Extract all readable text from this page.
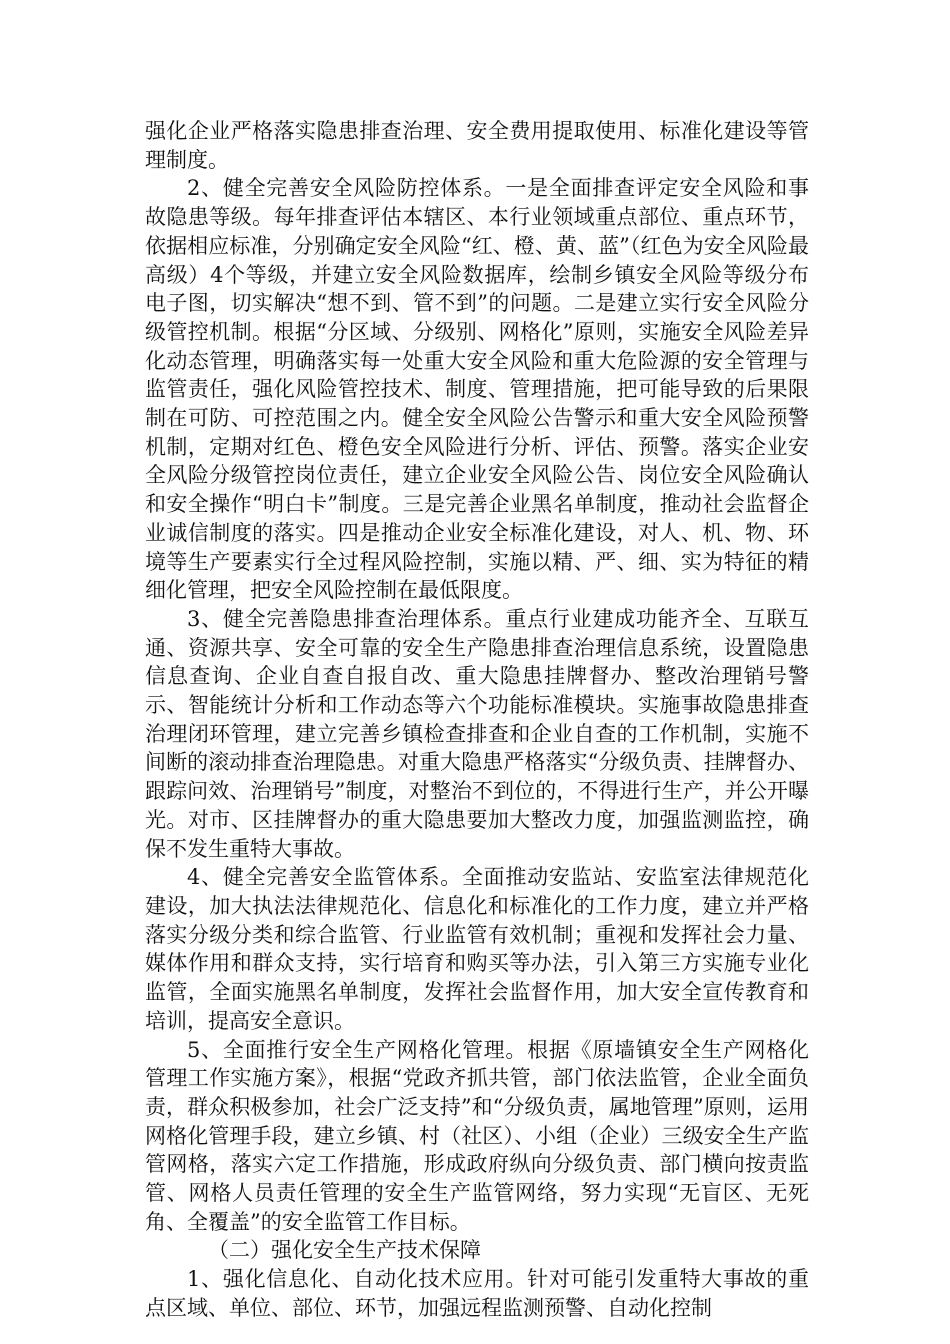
强化企业严格落实隐患排查治理、安全费用提取使用、标准化建设等管理制度。

2、健全完善安全风险防控体系。一是全面排查评定安全风险和事故隐患等级。每年排查评估本辖区、本行业领域重点部位、重点环节，依据相应标准，分别确定安全风险“红、橙、黄、蓝”（红色为安全风险最高级）4个等级，并建立安全风险数据库，绘制乡镇安全风险等级分布电子图，切实解决“想不到、管不到”的问题。二是建立实行安全风险分级管控机制。根据“分区域、分级别、网格化”原则，实施安全风险差异化动态管理，明确落实每一处重大安全风险和重大危险源的安全管理与监管责任，强化风险管控技术、制度、管理措施，把可能导致的后果限制在可防、可控范围之内。健全安全风险公告警示和重大安全风险预警机制，定期对红色、橙色安全风险进行分析、评估、预警。落实企业安全风险分级管控岗位责任，建立企业安全风险公告、岗位安全风险确认和安全操作“明白卡”制度。三是完善企业黑名单制度，推动社会监督企业诚信制度的落实。四是推动企业安全标准化建设，对人、机、物、环境等生产要素实行全过程风险控制，实施以精、严、细、实为特征的精细化管理，把安全风险控制在最低限度。

3、健全完善隐患排查治理体系。重点行业建成功能齐全、互联互通、资源共享、安全可靠的安全生产隐患排查治理信息系统，设置隐患信息查询、企业自查自报自改、重大隐患挂牌督办、整改治理销号警示、智能统计分析和工作动态等六个功能标准模块。实施事故隐患排查治理闭环管理，建立完善乡镇检查排查和企业自查的工作机制，实施不间断的滚动排查治理隐患。对重大隐患严格落实“分级负责、挂牌督办、跟踪问效、治理销号”制度，对整治不到位的，不得进行生产，并公开曝光。对市、区挂牌督办的重大隐患要加大整改力度，加强监测监控，确保不发生重特大事故。

4、健全完善安全监管体系。全面推动安监站、安监室法律规范化建设，加大执法法律规范化、信息化和标准化的工作力度，建立并严格落实分级分类和综合监管、行业监管有效机制；重视和发挥社会力量、媒体作用和群众支持，实行培育和购买等办法，引入第三方实施专业化监管，全面实施黑名单制度，发挥社会监督作用，加大安全宣传教育和培训，提高安全意识。

5、全面推行安全生产网格化管理。根据《原墙镇安全生产网格化管理工作实施方案》，根据“党政齐抓共管，部门依法监管，企业全面负责，群众积极参加，社会广泛支持”和“分级负责，属地管理”原则，运用网格化管理手段，建立乡镇、村（社区）、小组（企业）三级安全生产监管网格，落实六定工作措施，形成政府纵向分级负责、部门横向按责监管、网格人员责任管理的安全生产监管网络，努力实现“无盲区、无死角、全覆盖”的安全监管工作目标。

（二）强化安全生产技术保障

1、强化信息化、自动化技术应用。针对可能引发重特大事故的重点区域、单位、部位、环节，加强远程监测预警、自动化控制
